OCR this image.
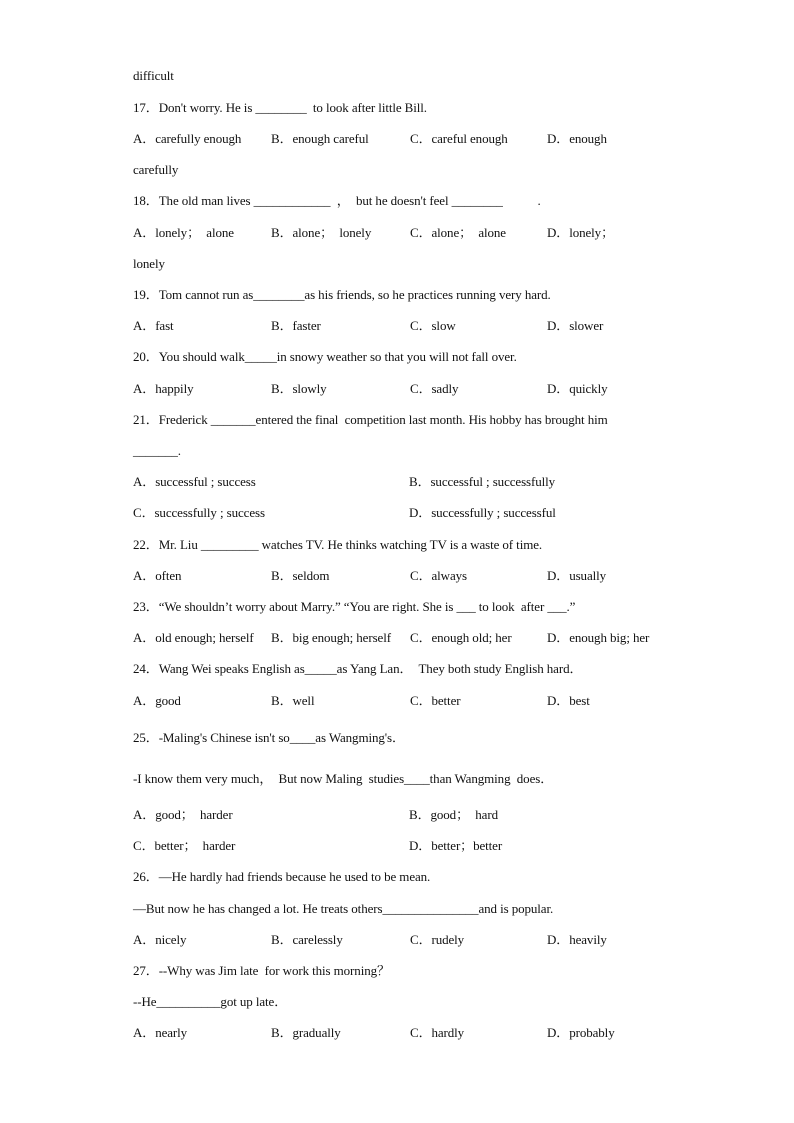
difficult
17．Don't worry. He is ________  to look after little Bill.
A．carefully enough B．enough careful	C．careful enough	D．enough
carefully
18．The old man lives ____________  ，  but he doesn't feel ________           .
A．lonely；  alone	B．alone；  lonely	C．alone；  alone	D．lonely；
lonely
19．Tom cannot run as________as his friends, so he practices running very hard.
A．fast	B．faster	C．slow	D．slower
20．You should walk_____in snowy weather so that you will not fall over.
A．happily	B．slowly	C．sadly	D．quickly
21．Frederick _______entered the final  competition last month. His hobby has brought him
_______.
A．successful ; success	B．successful ; successfully
C．successfully ; success	D．successfully ; successful
22．Mr. Liu _________ watches TV. He thinks watching TV is a waste of time.
A．often	B．seldom	C．always	D．usually
23．“We shouldn’t worry about Marry.” “You are right. She is ___ to look  after ___.”
A．old enough; herself B．big enough; herself C．enough old; her	D．enough big; her
24．Wang Wei speaks English as_____as Yang Lan．  They both study English hard．
A．good	B．well	C．better	D．best
25．-Maling's Chinese isn't so____as Wangming's．
-I know them very much，  But now Maling  studies____than Wangming  does．
A．good；  harder	B．good；  hard
C．better；  harder	D．better；better
26．—He hardly had friends because he used to be mean.
—But now he has changed a lot. He treats others_______________and is popular.
A．nicely	B．carelessly	C．rudely	D．heavily
27．--Why was Jim late  for work this morning？
--He__________got up late．
A．nearly	B．gradually	C．hardly	D．probably
